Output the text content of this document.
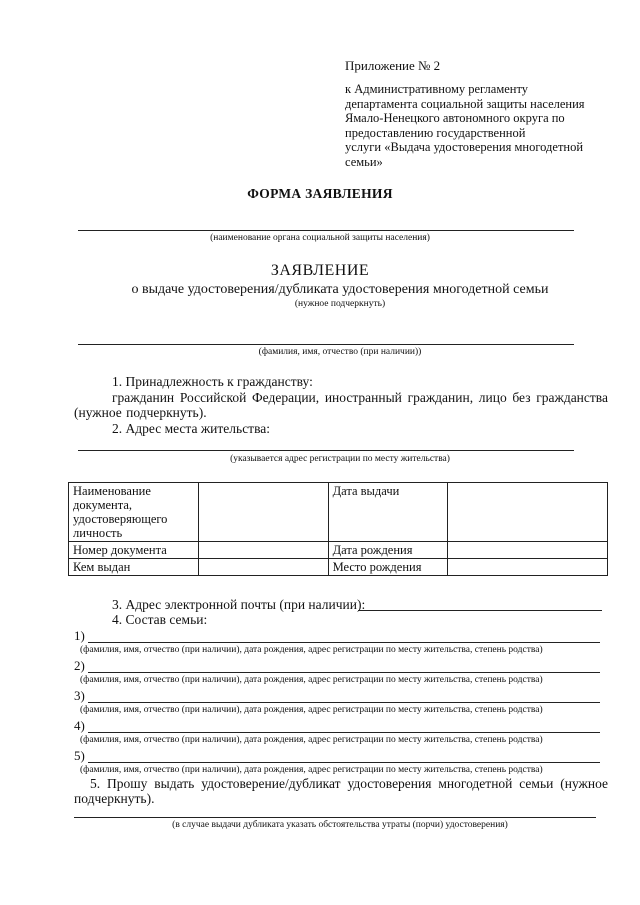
Приложение № 2
к Административному регламенту
департамента социальной защиты населения
Ямало-Ненецкого автономного округа по
предоставлению государственной
услуги «Выдача удостоверения многодетной
семьи»
ФОРМА ЗАЯВЛЕНИЯ
(наименование органа социальной защиты населения)
ЗАЯВЛЕНИЕ
о выдаче удостоверения/дубликата удостоверения многодетной семьи
(нужное подчеркнуть)
(фамилия, имя, отчество (при наличии))
1. Принадлежность к гражданству:
гражданин Российской Федерации, иностранный гражданин, лицо без гражданства (нужное подчеркнуть).
2. Адрес места жительства:
(указывается адрес регистрации по месту жительства)
Наименование документа, удостоверяющего личность		Дата выдачи	
Номер документа		Дата рождения	
Кем выдан		Место рождения	
3. Адрес электронной почты (при наличии):
4. Состав семьи:
1)
(фамилия, имя, отчество (при наличии), дата рождения, адрес регистрации по месту жительства, степень родства)
2)
(фамилия, имя, отчество (при наличии), дата рождения, адрес регистрации по месту жительства, степень родства)
3)
(фамилия, имя, отчество (при наличии), дата рождения, адрес регистрации по месту жительства, степень родства)
4)
(фамилия, имя, отчество (при наличии), дата рождения, адрес регистрации по месту жительства, степень родства)
5)
(фамилия, имя, отчество (при наличии), дата рождения, адрес регистрации по месту жительства, степень родства)
5. Прошу выдать удостоверение/дубликат удостоверения многодетной семьи (нужное подчеркнуть).
(в случае выдачи дубликата указать обстоятельства утраты (порчи) удостоверения)
